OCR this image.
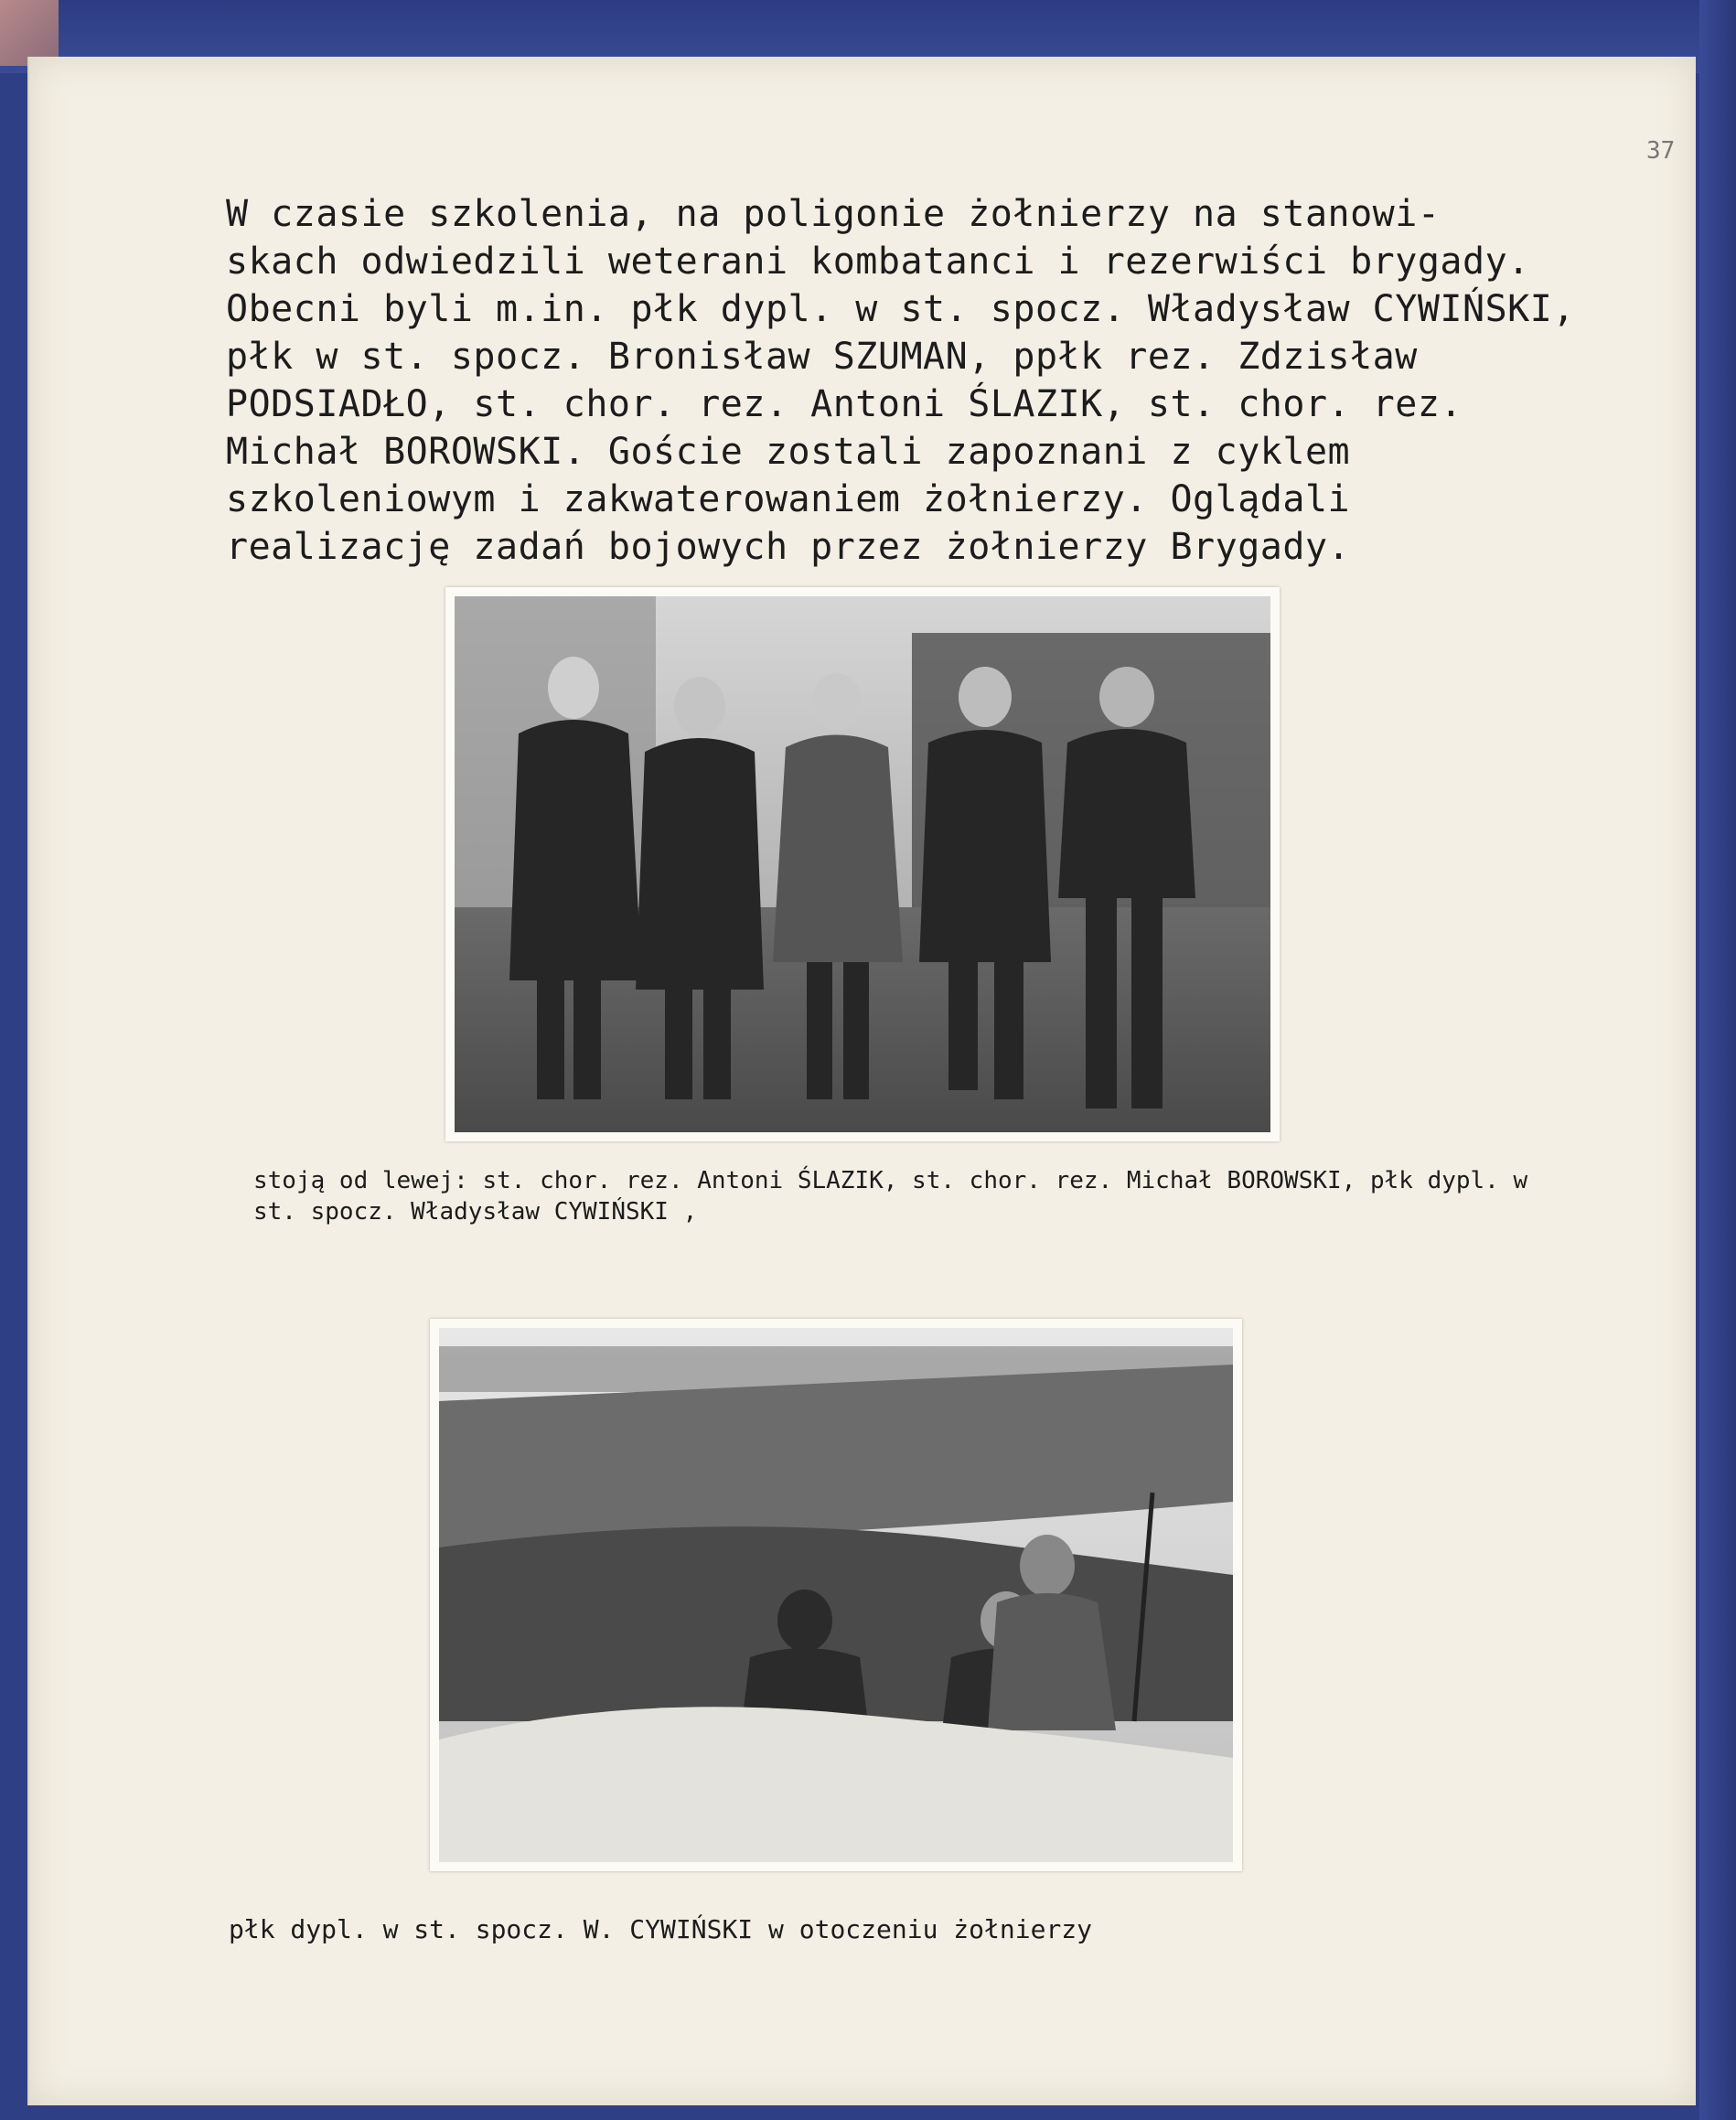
37
W czasie szkolenia, na poligonie żołnierzy na stanowi-
skach odwiedzili weterani kombatanci i rezerwiści brygady.
Obecni byli m.in. płk dypl. w st. spocz. Władysław CYWIŃSKI,
płk w st. spocz. Bronisław SZUMAN, ppłk rez. Zdzisław
PODSIADŁO, st. chor. rez. Antoni ŚLAZIK, st. chor. rez.
Michał BOROWSKI. Goście zostali zapoznani z cyklem
szkoleniowym i zakwaterowaniem żołnierzy. Oglądali
realizację zadań bojowych przez żołnierzy Brygady.
stoją od lewej: st. chor. rez. Antoni ŚLAZIK, st. chor. rez. Michał BOROWSKI, płk dypl. w
st. spocz. Władysław CYWIŃSKI ,
płk dypl. w st. spocz. W. CYWIŃSKI w otoczeniu żołnierzy
